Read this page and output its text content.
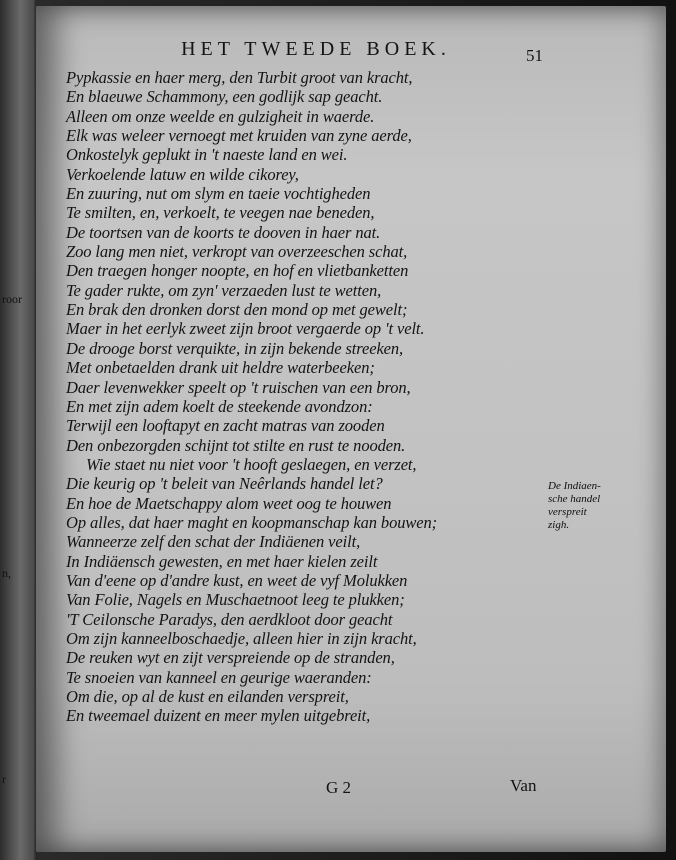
roor
n,
r
HET TWEEDE BOEK.	51
Pypkassie en haer merg, den Turbit groot van kracht,
En blaeuwe Schammony, een godlijk sap geacht.
Alleen om onze weelde en gulzigheit in waerde.
Elk was weleer vernoegt met kruiden van zyne aerde,
Onkostelyk geplukt in 't naeste land en wei.
Verkoelende latuw en wilde cikorey,
En zuuring, nut om slym en taeie vochtigheden
Te smilten, en, verkoelt, te veegen nae beneden,
De toortsen van de koorts te dooven in haer nat.
Zoo lang men niet, verkropt van overzeeschen schat,
Den traegen honger noopte, en hof en vlietbanketten
Te gader rukte, om zyn' verzaeden lust te wetten,
En brak den dronken dorst den mond op met gewelt;
Maer in het eerlyk zweet zijn broot vergaerde op 't velt.
De drooge borst verquikte, in zijn bekende streeken,
Met onbetaelden drank uit heldre waterbeeken;
Daer levenwekker speelt op 't ruischen van een bron,
En met zijn adem koelt de steekende avondzon:
Terwijl een looftapyt en zacht matras van zooden
Den onbezorgden schijnt tot stilte en rust te nooden.
Wie staet nu niet voor 't hooft geslaegen, en verzet,
Die keurig op 't beleit van Neêrlands handel let?
En hoe de Maetschappy alom weet oog te houwen
Op alles, dat haer maght en koopmanschap kan bouwen;
Wanneerze zelf den schat der Indiäenen veilt,
In Indiäensch gewesten, en met haer kielen zeilt
Van d'eene op d'andre kust, en weet de vyf Molukken
Van Folie, Nagels en Muschaetnoot leeg te plukken;
'T Ceilonsche Paradys, den aerdkloot door geacht
Om zijn kanneelboschaedje, alleen hier in zijn kracht,
De reuken wyt en zijt verspreiende op de stranden,
Te snoeien van kanneel en geurige waeranden:
Om die, op al de kust en eilanden verspreit,
En tweemael duizent en meer mylen uitgebreit,
De Indiaen-
sche handel
verspreit
zigh.
G 2	Van
